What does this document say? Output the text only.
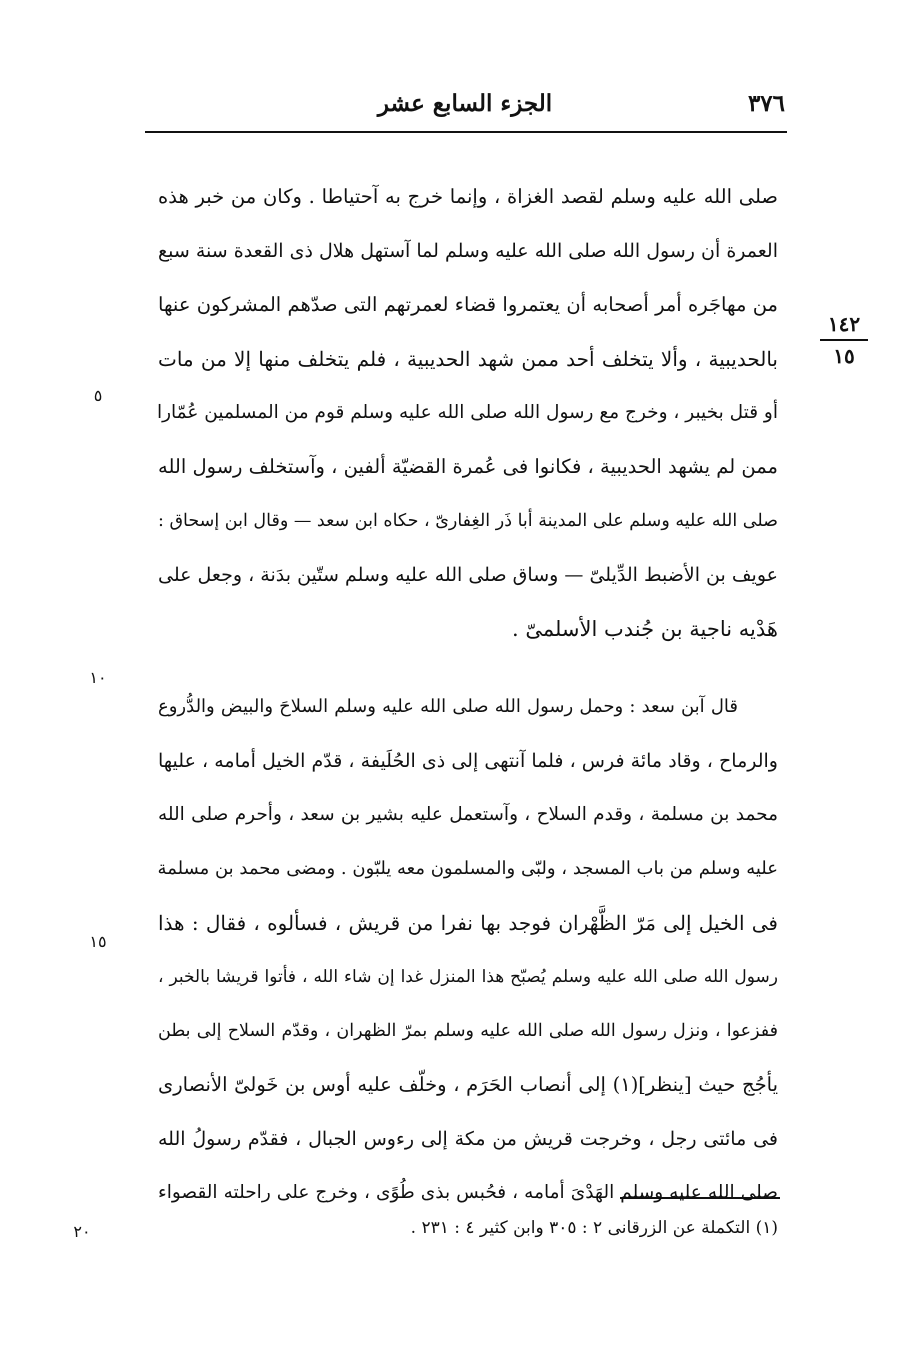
٣٧٦
الجزء السابع عشر
١٤٢
١٥
٥
١٠
١٥
٢٠
صلى الله عليه وسلم لقصد الغزاة ، وإنما خرج به آحتياطا . وكان من خبر هذه
العمرة أن رسول الله صلى الله عليه وسلم لما آستهل هلال ذى القعدة سنة سبع
من مهاجَره أمر أصحابه أن يعتمروا قضاء لعمرتهم التى صدّهم المشركون عنها
بالحديبية ، وألا يتخلف أحد ممن شهد الحديبية ، فلم يتخلف منها إلا من مات
أو قتل بخيبر ، وخرج مع رسول الله صلى الله عليه وسلم قوم من المسلمين عُمّارا
ممن لم يشهد الحديبية ، فكانوا فى عُمرة القضيّة ألفين ، وآستخلف رسول الله
صلى الله عليه وسلم على المدينة أبا ذَر الغِفارىّ ، حكاه ابن سعد — وقال ابن إسحاق :
عويف بن الأضبط الدِّيلىّ — وساق صلى الله عليه وسلم ستّين بدَنة ، وجعل على
هَدْيه ناجية بن جُندب الأسلمىّ .
قال آبن سعد : وحمل رسول الله صلى الله عليه وسلم السلاحَ والبيض والدُّروع
والرماح ، وقاد مائة فرس ، فلما آنتهى إلى ذى الحُلَيفة ، قدّم الخيل أمامه ، عليها
محمد بن مسلمة ، وقدم السلاح ، وآستعمل عليه بشير بن سعد ، وأحرم صلى الله
عليه وسلم من باب المسجد ، ولبّى والمسلمون معه يلبّون . ومضى محمد بن مسلمة
فى الخيل إلى مَرّ الظَّهْران فوجد بها نفرا من قريش ، فسألوه ، فقال : هذا
رسول الله صلى الله عليه وسلم يُصبّح هذا المنزل غدا إن شاء الله ، فأتوا قريشا بالخبر ،
ففزعوا ، ونزل رسول الله صلى الله عليه وسلم بمرّ الظهران ، وقدّم السلاح إلى بطن
يأجُج حيث [ينظر](١) إلى أنصاب الحَرَم ، وخلّف عليه أوس بن خَولىّ الأنصارى
فى مائتى رجل ، وخرجت قريش من مكة إلى رءوس الجبال ، فقدّم رسولُ الله
صلى الله عليه وسلم الهَدْىَ أمامه ، فحُبس بذى طُوًى ، وخرج على راحلته القصواء
(١) التكملة عن الزرقانى ٢ : ٣٠٥ وابن كثير ٤ : ٢٣١ .
